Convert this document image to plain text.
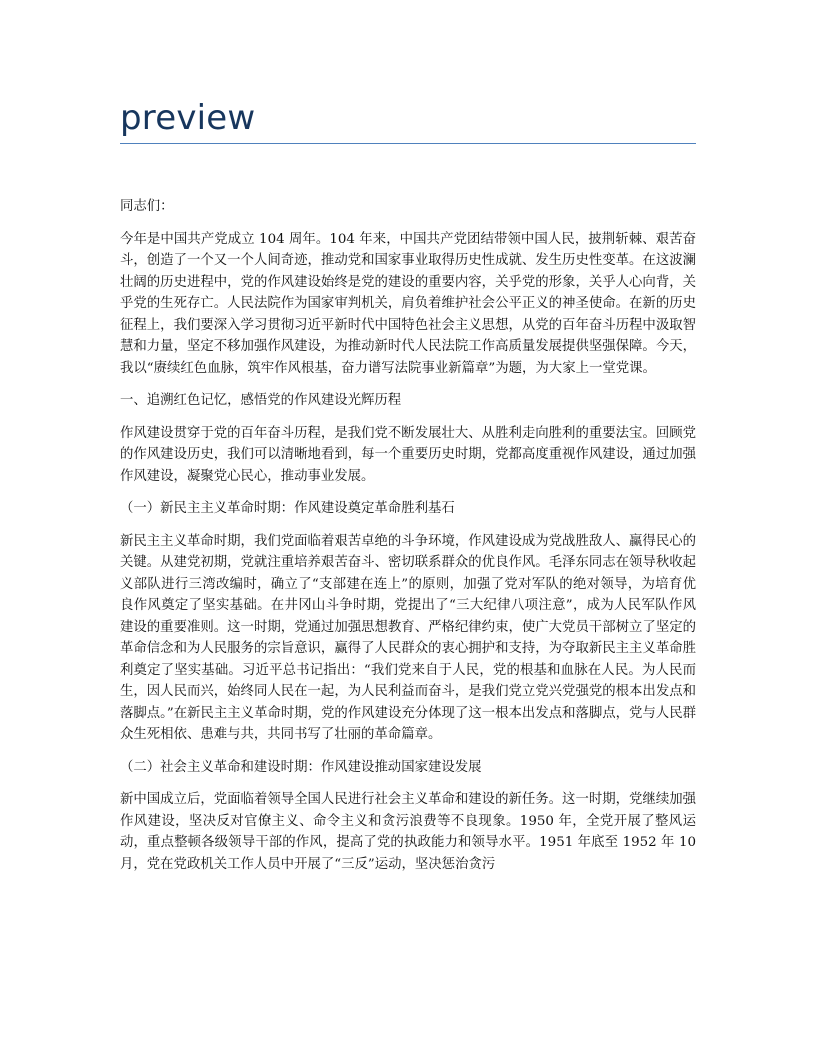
preview

同志们：

今年是中国共产党成立 104 周年。104 年来，中国共产党团结带领中国人民，披荆斩棘、艰苦奋斗，创造了一个又一个人间奇迹，推动党和国家事业取得历史性成就、发生历史性变革。在这波澜壮阔的历史进程中，党的作风建设始终是党的建设的重要内容，关乎党的形象，关乎人心向背，关乎党的生死存亡。人民法院作为国家审判机关，肩负着维护社会公平正义的神圣使命。在新的历史征程上，我们要深入学习贯彻习近平新时代中国特色社会主义思想，从党的百年奋斗历程中汲取智慧和力量，坚定不移加强作风建设，为推动新时代人民法院工作高质量发展提供坚强保障。今天，我以“赓续红色血脉，筑牢作风根基，奋力谱写法院事业新篇章”为题，为大家上一堂党课。

一、追溯红色记忆，感悟党的作风建设光辉历程

作风建设贯穿于党的百年奋斗历程，是我们党不断发展壮大、从胜利走向胜利的重要法宝。回顾党的作风建设历史，我们可以清晰地看到，每一个重要历史时期，党都高度重视作风建设，通过加强作风建设，凝聚党心民心，推动事业发展。

（一）新民主主义革命时期：作风建设奠定革命胜利基石

新民主主义革命时期，我们党面临着艰苦卓绝的斗争环境，作风建设成为党战胜敌人、赢得民心的关键。从建党初期，党就注重培养艰苦奋斗、密切联系群众的优良作风。毛泽东同志在领导秋收起义部队进行三湾改编时，确立了“支部建在连上”的原则，加强了党对军队的绝对领导，为培育优良作风奠定了坚实基础。在井冈山斗争时期，党提出了“三大纪律八项注意”，成为人民军队作风建设的重要准则。这一时期，党通过加强思想教育、严格纪律约束，使广大党员干部树立了坚定的革命信念和为人民服务的宗旨意识，赢得了人民群众的衷心拥护和支持，为夺取新民主主义革命胜利奠定了坚实基础。习近平总书记指出：“我们党来自于人民，党的根基和血脉在人民。为人民而生，因人民而兴，始终同人民在一起，为人民利益而奋斗，是我们党立党兴党强党的根本出发点和落脚点。”在新民主主义革命时期，党的作风建设充分体现了这一根本出发点和落脚点，党与人民群众生死相依、患难与共，共同书写了壮丽的革命篇章。

（二）社会主义革命和建设时期：作风建设推动国家建设发展

新中国成立后，党面临着领导全国人民进行社会主义革命和建设的新任务。这一时期，党继续加强作风建设，坚决反对官僚主义、命令主义和贪污浪费等不良现象。1950 年，全党开展了整风运动，重点整顿各级领导干部的作风，提高了党的执政能力和领导水平。1951 年底至 1952 年 10 月，党在党政机关工作人员中开展了“三反”运动，坚决惩治贪污
